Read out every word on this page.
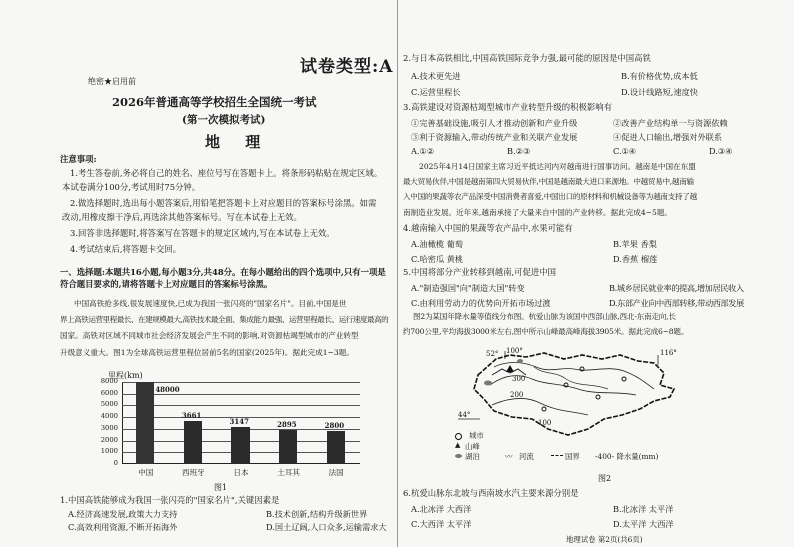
试卷类型:A
绝密★启用前
2026年普通高等学校招生全国统一考试
(第一次模拟考试)
地 理
注意事项:
1.考生答卷前,务必将自己的姓名、座位号写在答题卡上。将条形码粘贴在规定区域。
本试卷满分100分,考试用时75分钟。
2.做选择题时,选出每小题答案后,用铅笔把答题卡上对应题目的答案标号涂黑。如需
改动,用橡皮擦干净后,再选涂其他答案标号。写在本试卷上无效。
3.回答非选择题时,将答案写在答题卡的规定区域内,写在本试卷上无效。
4.考试结束后,将答题卡交回。
一、选择题:本题共16小题,每小题3分,共48分。在每小题给出的四个选项中,只有一项是
符合题目要求的,请将答题卡上对应题目的答案标号涂黑。
中国高铁抢多线,很发展速度快,已成为我国一张闪亮的"国家名片"。目前,中国是世
界上高铁运营里程最长、在建规模最大,高铁技术最全面、集成能力最强、运营里程最长、运行速度最高的
国家。高铁对区域不同城市社会经济发展会产生不同的影响,对资源枯竭型城市的产业转型
升级意义重大。图1为全球高铁运营里程位居前5名的国家(2025年)。据此完成1~3题。
里程(km)
0
1000
2000
3000
4000
5000
6000
8000
48000
中国
3661
西班牙
3147
日本
2895
土耳其
2800
法国
图1
1.中国高铁能够成为我国一张闪亮的"国家名片",关键因素是
A.经济高速发展,政策大力支持	B.技术创新,结构升级新世界
C.高效利用资源,不断开拓海外	D.国土辽阔,人口众多,运输需求大
2.与日本高铁相比,中国高铁国际竞争力强,最可能的原因是中国高铁
A.技术更先进	B.有价格优势,成本低
C.运营里程长	D.设计线路短,速度快
3.高铁建设对资源枯竭型城市产业转型升级的积极影响有
①完善基础设施,吸引人才推动创新和产业升级	②改善产业结构单一与资源依赖
③利于资源输入,带动传统产业和关联产业发展	④促进人口输出,增强对外联系
A.①②	B.②③	C.①④	D.③④
2025年4月14日国家主席习近平抵达河内对越南进行国事访问。越南是中国在东盟
最大贸易伙伴,中国是越南第四大贸易伙伴,中国是越南最大进口来源地。中越贸易中,越南输
入中国的果蔬等农产品深受中国消费者喜爱,中国出口的原材料和机械设备等为越南支持了越
南制造业发展。近年来,越南承接了大量来自中国的产业转移。据此完成4~5题。
4.越南输入中国的果蔬等农产品中,水果可能有
A.油橄榄 葡萄	B.苹果 香梨
C.哈密瓜 黄桃	D.香蕉 榴莲
5.中国将部分产业转移到越南,可促进中国
A."制造强国"向"制造大国"转变	B.城乡居民就业率的提高,增加居民收入
C.由利用劳动力的优势向开拓市场过渡	D.东部产业向中西部转移,带动西部发展
图2为某国年降水量等值线分布图。杭爱山脉为该国中西部山脉,西北-东南走向,长
约700公里,平均海拔3000米左右,图中所示山峰最高峰海拔3905米。据此完成6~8题。
52° 100°	116°
44°
300
200
100
城市
▲ 山峰
湖泊	〰 河流	国界 -400- 降水量(mm)
图2
6.杭爱山脉东北坡与西南坡水汽主要来源分别是
A.北冰洋 大西洋	B.北冰洋 太平洋
C.大西洋 太平洋	D.太平洋 大西洋
地理试卷 第2页(共6页)
